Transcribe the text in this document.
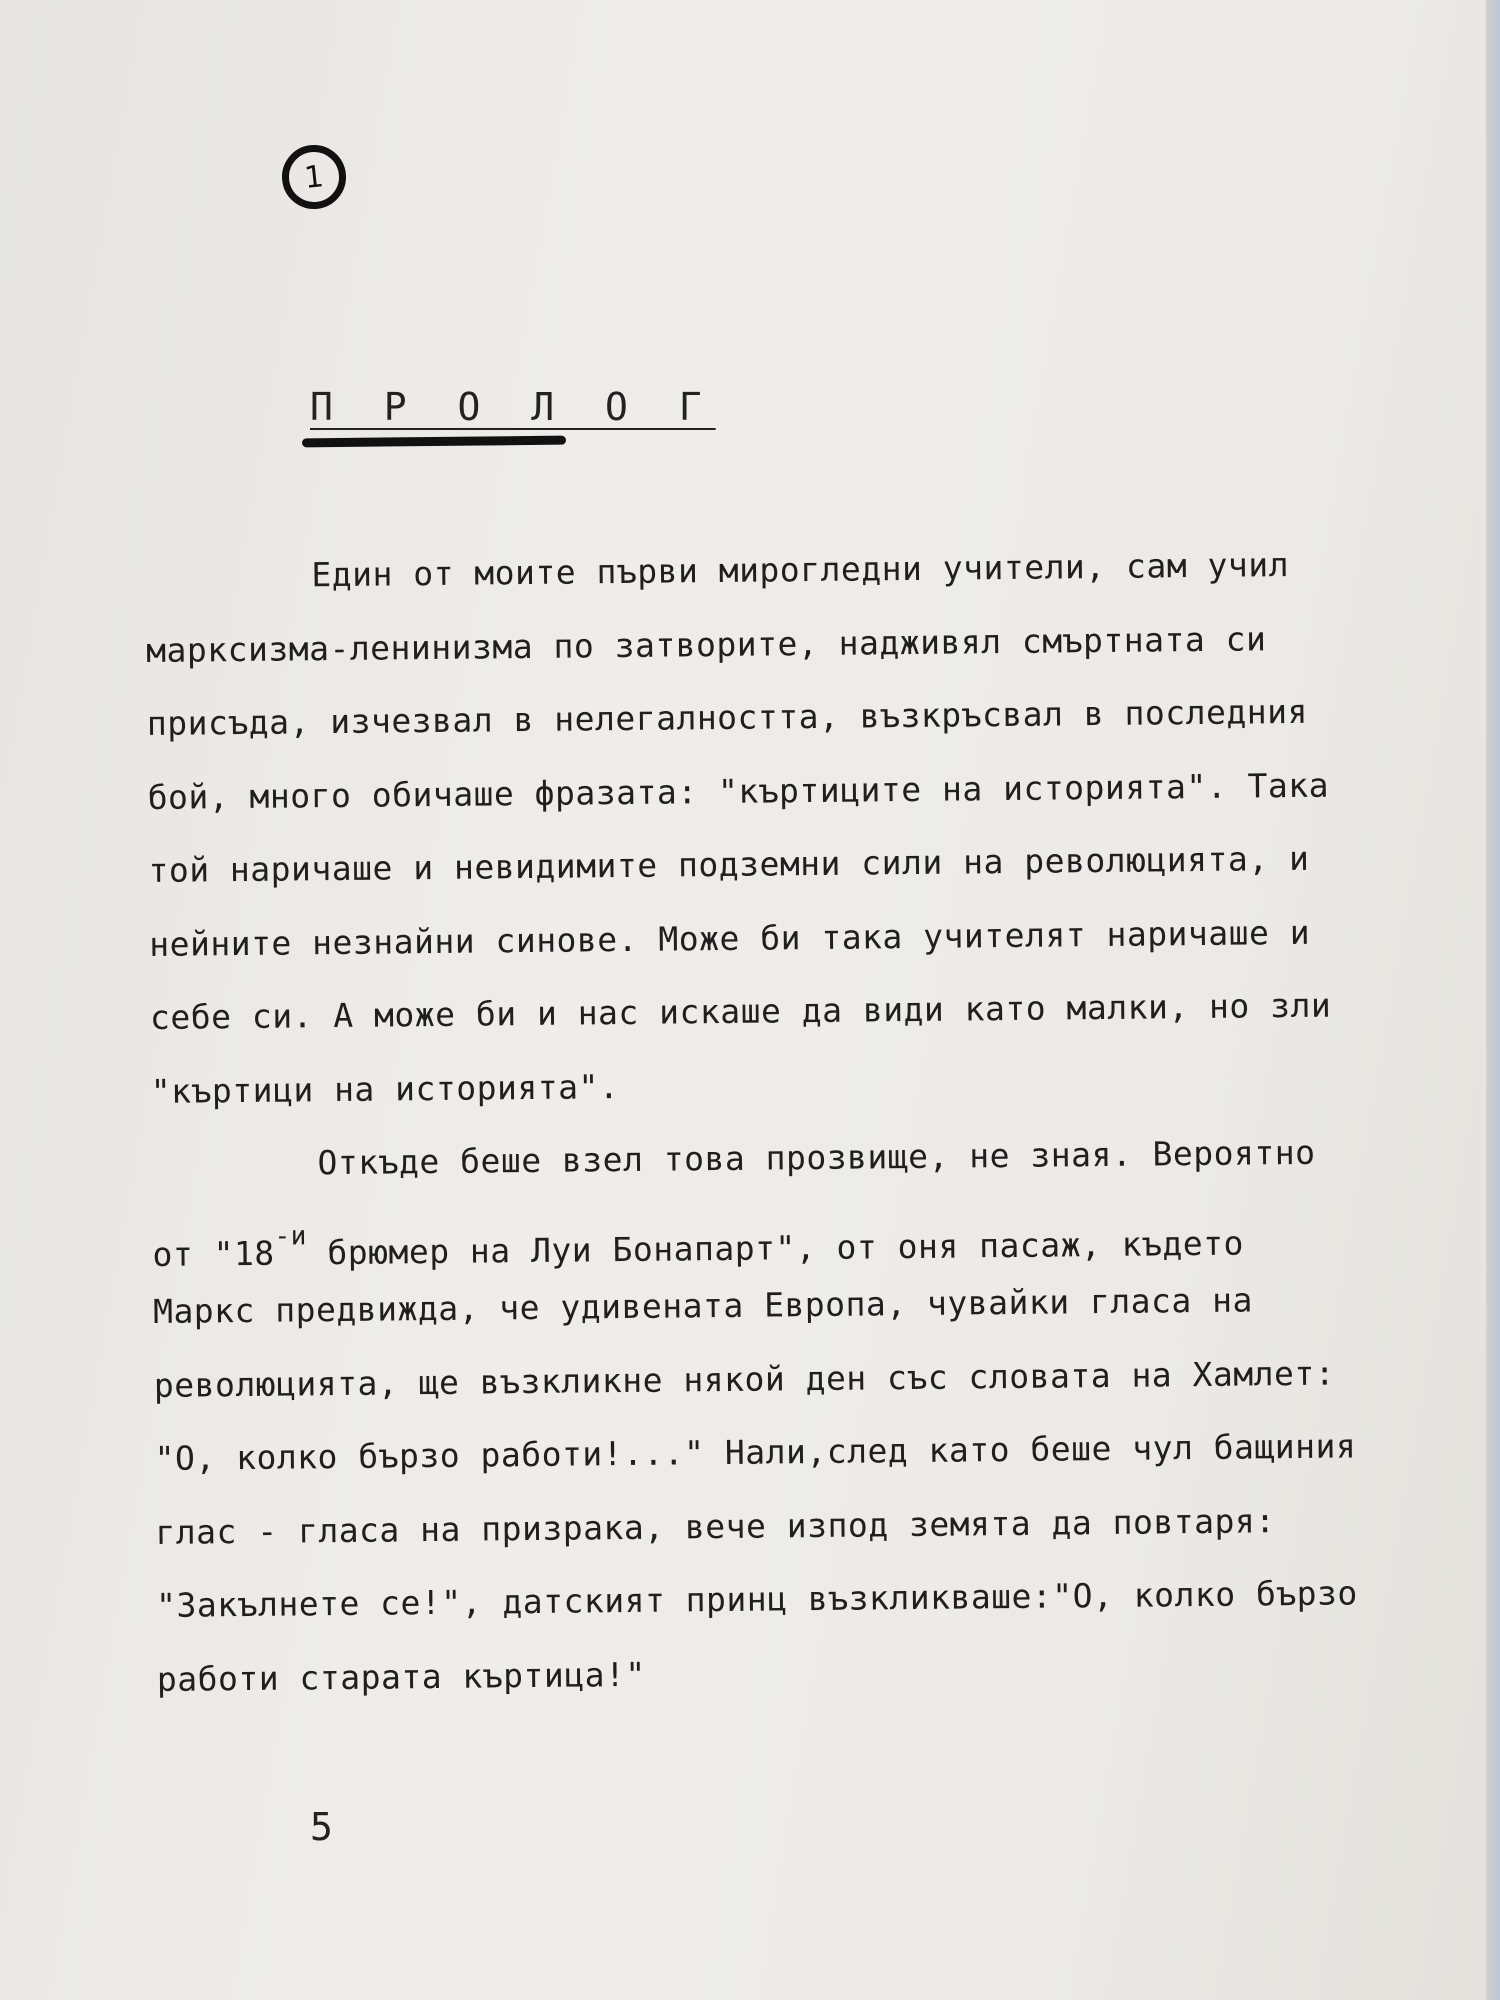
1
П Р О Л О Г
Един от моите първи мирогледни учители, сам учил
марксизма-ленинизма по затворите, надживял смъртната си
присъда, изчезвал в нелегалността, възкръсвал в последния
бой, много обичаше фразата: "къртиците на историята". Така
той наричаше и невидимите подземни сили на революцията, и
нейните незнайни синове. Може би така учителят наричаше и
себе си. А може би и нас искаше да види като малки, но зли
"къртици на историята".
Откъде беше взел това прозвище, не зная. Вероятно
от "$18^{-и}$ брюмер на Луи Бонапарт", от оня пасаж, където
Маркс предвижда, че удивената Европа, чувайки гласа на
революцията, ще възкликне някой ден със словата на Хамлет:
"О, колко бързо работи!..." Нали,след като беше чул бащиния
глас - гласа на призрака, вече изпод земята да повтаря:
"Закълнете се!", датският принц възкликваше:"О, колко бързо
работи старата къртица!"
5
